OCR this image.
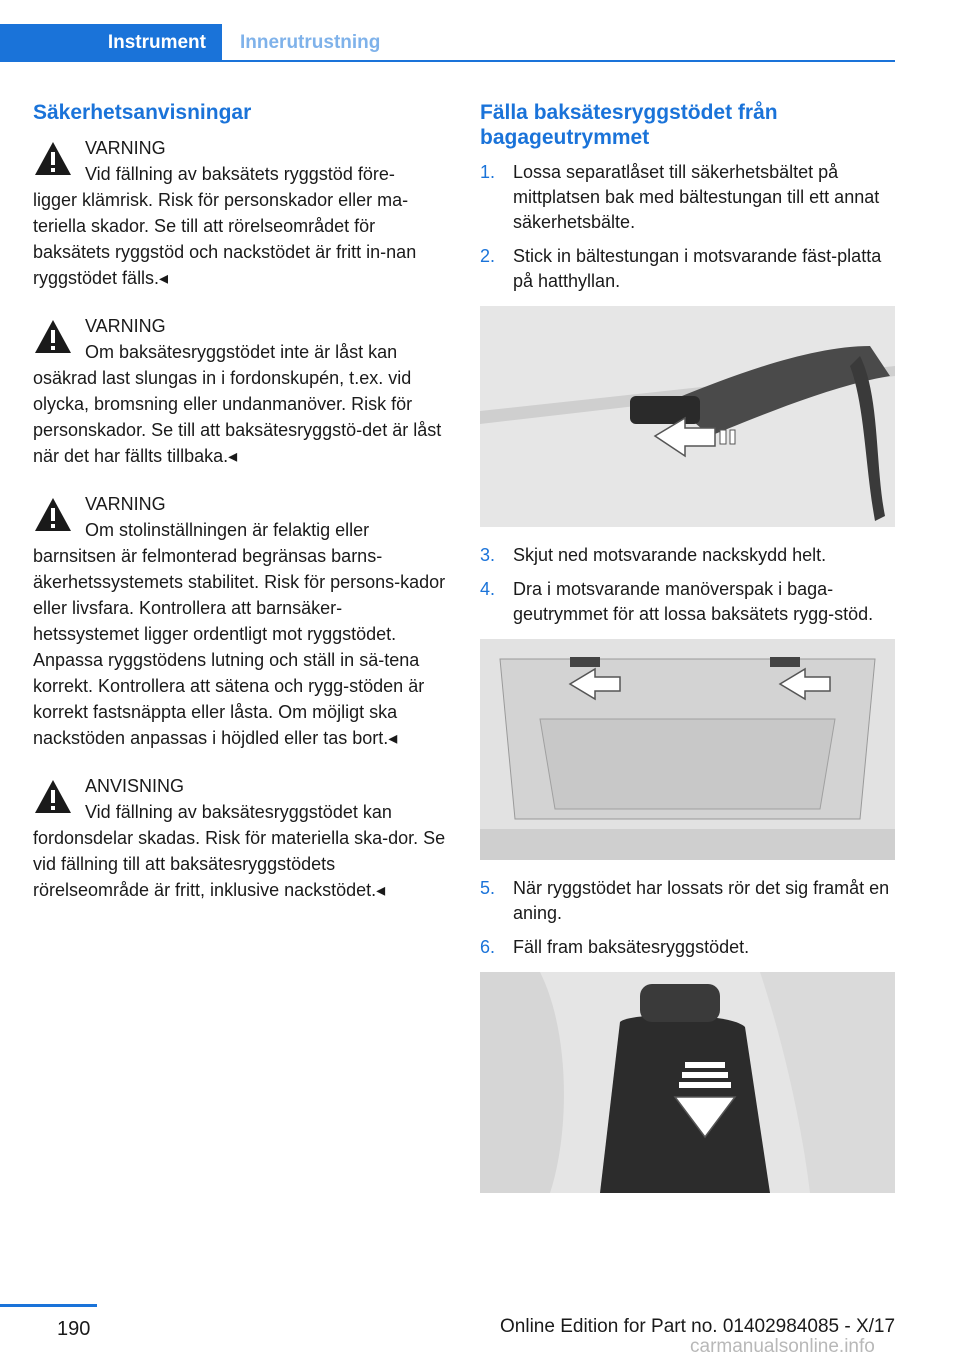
Instrument	Innerutrustning
Säkerhetsanvisningar
VARNING
Vid fällning av baksätets ryggstöd före-
ligger klämrisk. Risk för personskador eller ma-teriella skador. Se till att rörelseområdet för baksätets ryggstöd och nackstödet är fritt in-nan ryggstödet fälls.◂
VARNING
Om baksätesryggstödet inte är låst kan
osäkrad last slungas in i fordonskupén, t.ex. vid olycka, bromsning eller undanmanöver. Risk för personskador. Se till att baksätesryggstö-det är låst när det har fällts tillbaka.◂
VARNING
Om stolinställningen är felaktig eller
barnsitsen är felmonterad begränsas barns-äkerhetssystemets stabilitet. Risk för persons-kador eller livsfara. Kontrollera att barnsäker-hetssystemet ligger ordentligt mot ryggstödet. Anpassa ryggstödens lutning och ställ in sä-tena korrekt. Kontrollera att sätena och rygg-stöden är korrekt fastsnäppta eller låsta. Om möjligt ska nackstöden anpassas i höjdled eller tas bort.◂
ANVISNING
Vid fällning av baksätesryggstödet kan
fordonsdelar skadas. Risk för materiella ska-dor. Se vid fällning till att baksätesryggstödets rörelseområde är fritt, inklusive nackstödet.◂
Fälla baksätesryggstödet från bagageutrymmet
1. Lossa separatlåset till säkerhetsbältet på mittplatsen bak med bältestungan till ett annat säkerhetsbälte.
2. Stick in bältestungan i motsvarande fäst-platta på hatthyllan.
3. Skjut ned motsvarande nackskydd helt.
4. Dra i motsvarande manöverspak i baga-geutrymmet för att lossa baksätets rygg-stöd.
5. När ryggstödet har lossats rör det sig framåt en aning.
6. Fäll fram baksätesryggstödet.
190	Online Edition for Part no. 01402984085 - X/17
carmanualsonline.info
